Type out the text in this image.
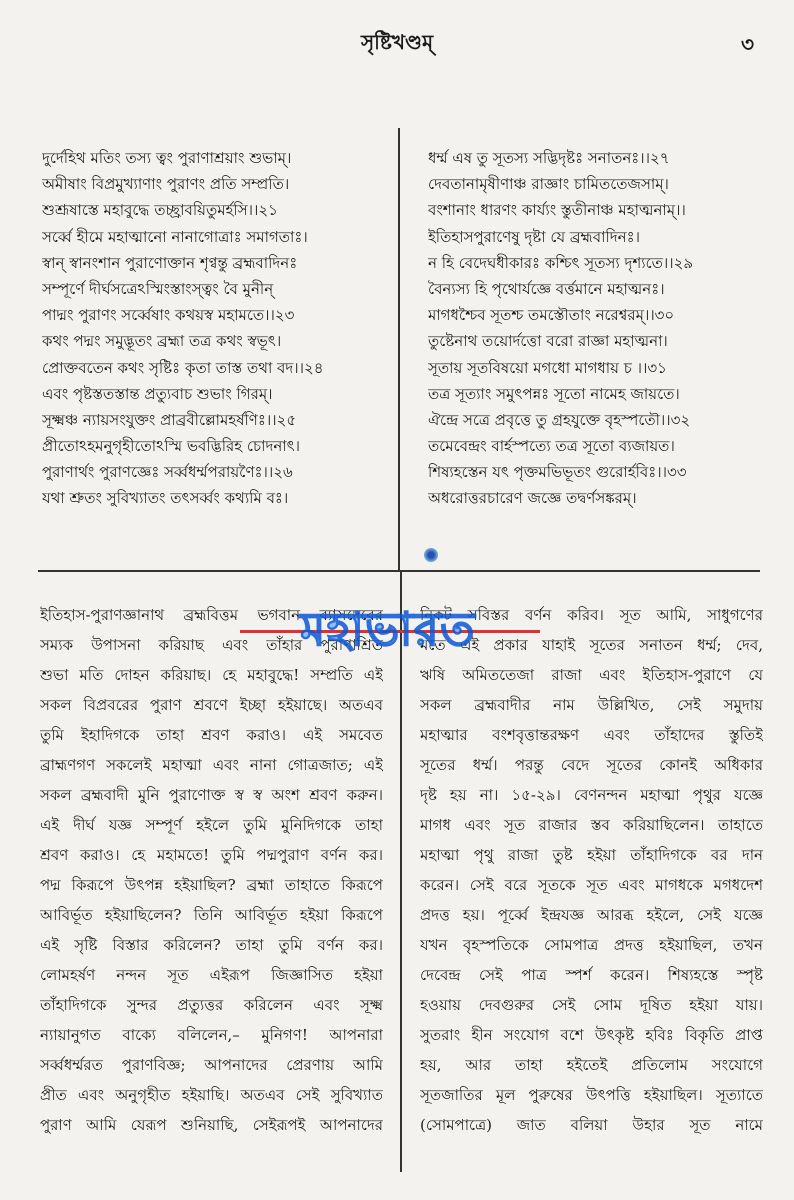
সৃষ্টিখণ্ডম্	৩
দুর্দেহিথ মতিং তস্য ত্বং পুরাণাশ্রয়াং শুভাম্।
অমীষাং বিপ্রমুখ্যাণাং পুরাণং প্রতি সম্প্রতি।
শুশ্রূষাস্তে মহাবুদ্ধে তচ্ছ্রাবয়িতুমর্হসি।।২১
সর্ব্বে হীমে মহাত্মানো নানাগোত্রাঃ সমাগতাঃ।
স্বান্ স্বানংশান পুরাণোক্তান শৃণ্বন্তু ব্রহ্মবাদিনঃ
সম্পূর্ণে দীর্ঘসত্রেঽস্মিংস্তাংস্ত্বং বৈ মুনীন্
পাদ্মং পুরাণং সর্ব্বেষাং কথয়স্ব মহামতে।।২৩
কথং পদ্মং সমুদ্ভূতং ব্রহ্মা তত্র কথং স্বভূৎ।
প্রোক্তবতেন কথং সৃষ্টিঃ কৃতা তাস্ত তথা বদ।।২৪
এবং পৃষ্টস্ততস্তান্ত প্রত্যুবাচ শুভাং গিরম্।
সূক্ষ্মঞ্চ ন্যায়সংযুক্তং প্রাব্রবীল্লোমহর্ষণিঃ।।২৫
প্রীতোঽহমনুগৃহীতোঽস্মি ভবদ্ভিরিহ চোদনাৎ।
পুরাণার্থং পুরাণজ্ঞেঃ সর্ব্বধর্ম্মপরায়ণৈঃ।।২৬
যথা শ্রুতং সুবিখ্যাতং তৎসর্ব্বং কথ্যমি বঃ।
ধর্ম্ম এষ তু সূতস্য সদ্ভিদৃষ্টঃ সনাতনঃ।।২৭
দেবতানামৃষীণাঞ্চ রাজ্ঞাং চামিততেজসাম্।
বংশানাং ধারণং কার্য্যং স্তুতীনাঞ্চ মহাত্মনাম্।।
ইতিহাসপুরাণেষু দৃষ্টা যে ব্রহ্মবাদিনঃ।
ন হি বেদেঘধীকারঃ কশ্চিৎ সূতস্য দৃশ্যতে।।২৯
বৈন্যস্য হি পৃথোর্যজ্ঞে বর্ত্তমানে মহাত্মনঃ।
মাগধশ্চৈব সূতশ্চ তমস্তৌতাং নরেশ্বরম্।।৩০
তুষ্টেনাথ তয়োর্দত্তো বরো রাজ্ঞা মহাত্মনা।
সূতায় সূতবিষয়ো মগধো মাগধায় চ ।।৩১
তত্র সূত্যাং সমুৎপন্নঃ সূতো নামেহ জায়তে।
ঐন্দ্রে সত্রে প্রবৃত্তে তু গ্রহযুক্তে বৃহস্পতৌ।।৩২
তমেবেন্দ্রং বার্হস্পত্যে তত্র সূতো ব্যজায়ত।
শিষ্যহস্তেন যৎ পৃক্তমভিভূতং গুরোর্হবিঃ।।৩৩
অধরোত্তরচারেণ জজ্ঞে তদ্বর্ণসঙ্করম্।
ইতিহাস-পুরাণজ্ঞানাথ ব্রহ্মবিত্তম ভগবান ব্যাসদেবের
সম্যক উপাসনা করিয়াছ এবং তাঁহার পুরাণাশ্রিত
শুভা মতি দোহন করিয়াছ। হে মহাবুদ্ধে! সম্প্রতি এই
সকল বিপ্রবরের পুরাণ শ্রবণে ইচ্ছা হইয়াছে। অতএব
তুমি ইহাদিগকে তাহা শ্রবণ করাও। এই সমবেত
ব্রাহ্মণগণ সকলেই মহাত্মা এবং নানা গোত্রজাত; এই
সকল ব্রহ্মবাদী মুনি পুরাণোক্ত স্ব স্ব অংশ শ্রবণ করুন।
এই দীর্ঘ যজ্ঞ সম্পূর্ণ হইলে তুমি মুনিদিগকে তাহা
শ্রবণ করাও। হে মহামতে! তুমি পদ্মপুরাণ বর্ণন কর।
পদ্ম কিরূপে উৎপন্ন হইয়াছিল? ব্রহ্মা তাহাতে কিরূপে
আবির্ভূত হইয়াছিলেন? তিনি আবির্ভূত হইয়া কিরূপে
এই সৃষ্টি বিস্তার করিলেন? তাহা তুমি বর্ণন কর।
লোমহর্ষণ নন্দন সূত এইরূপ জিজ্ঞাসিত হইয়া
তাঁহাদিগকে সুন্দর প্রত্যুত্তর করিলেন এবং সূক্ষ্ম
ন্যায়ানুগত বাক্যে বলিলেন,– মুনিগণ! আপনারা
সর্ব্বধর্ম্মরত পুরাণবিজ্ঞ; আপনাদের প্রেরণায় আমি
প্রীত এবং অনুগৃহীত হইয়াছি। অতএব সেই সুবিখ্যাত
পুরাণ আমি যেরূপ শুনিয়াছি, সেইরূপই আপনাদের
নিকট সবিস্তর বর্ণন করিব। সূত আমি, সাধুগণের
মতে এই প্রকার যাহাই সূতের সনাতন ধর্ম্ম; দেব,
ঋষি অমিততেজা রাজা এবং ইতিহাস-পুরাণে যে
সকল ব্রহ্মবাদীর নাম উল্লিখিত, সেই সমুদায়
মহাত্মার বংশবৃত্তান্তরক্ষণ এবং তাঁহাদের স্তুতিই
সূতের ধর্ম্ম। পরন্তু বেদে সূতের কোনই অধিকার
দৃষ্ট হয় না। ১৫-২৯। বেণনন্দন মহাত্মা পৃথুর যজ্ঞে
মাগধ এবং সূত রাজার স্তব করিয়াছিলেন। তাহাতে
মহাত্মা পৃথু রাজা তুষ্ট হইয়া তাঁহাদিগকে বর দান
করেন। সেই বরে সূতকে সূত এবং মাগধকে মগধদেশ
প্রদত্ত হয়। পূর্ব্বে ইন্দ্রযজ্ঞ আরব্ধ হইলে, সেই যজ্ঞে
যখন বৃহস্পতিকে সোমপাত্র প্রদত্ত হইয়াছিল, তখন
দেবেন্দ্র সেই পাত্র স্পর্শ করেন। শিষ্যহস্তে স্পৃষ্ট
হওয়ায় দেবগুরুর সেই সোম দূষিত হইয়া যায়।
সুতরাং হীন সংযোগ বশে উৎকৃষ্ট হবিঃ বিকৃতি প্রাপ্ত
হয়, আর তাহা হইতেই প্রতিলোম সংযোগে
সূতজাতির মূল পুরুষের উৎপত্তি হইয়াছিল। সূত্যাতে
(সোমপাত্রে) জাত বলিয়া উহার সূত নামে
মহাভারত
